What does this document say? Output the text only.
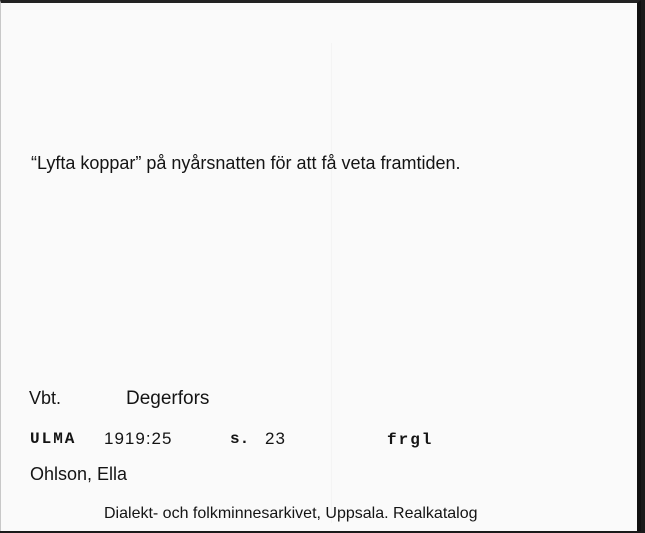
“Lyfta koppar” på nyårsnatten för att få veta framtiden.
Vbt.	Degerfors
ULMA 1919:25	s. 23	frgl
Ohlson, Ella
Dialekt- och folkminnesarkivet, Uppsala. Realkatalog
